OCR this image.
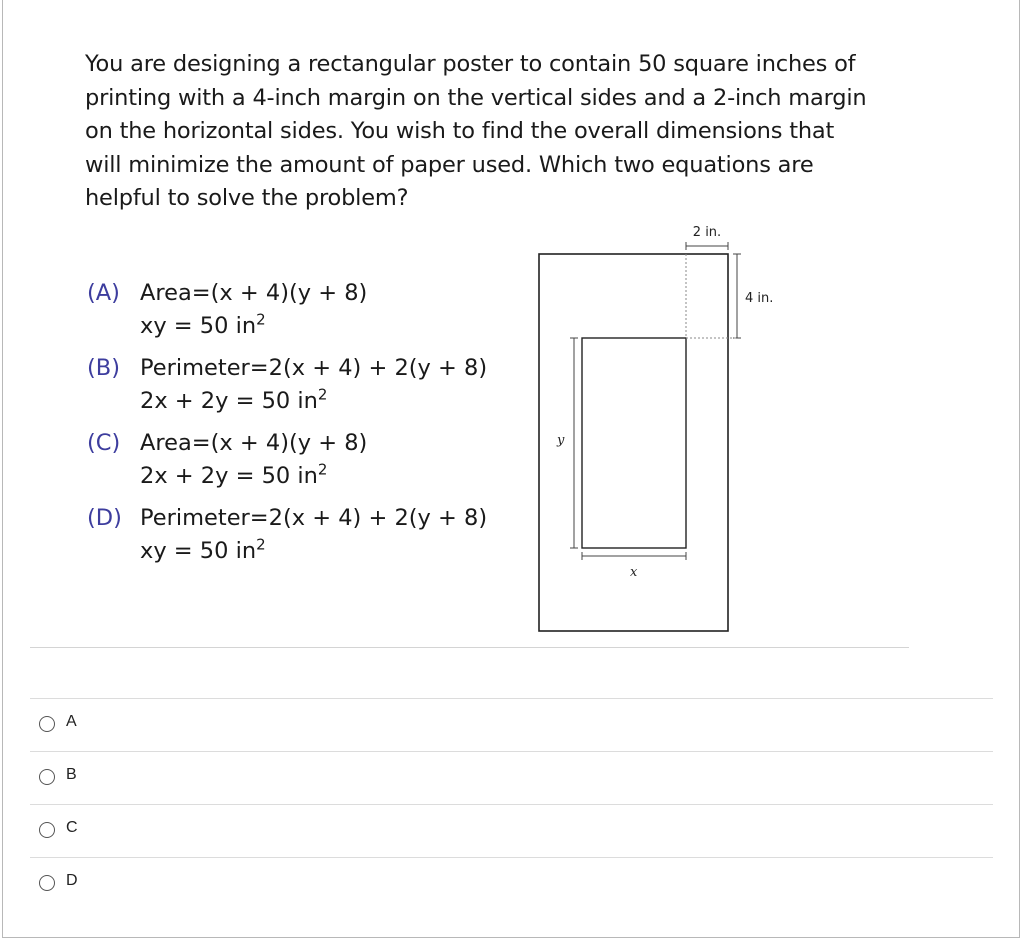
You are designing a rectangular poster to contain 50 square inches of printing with a 4-inch margin on the vertical sides and a 2-inch margin on the horizontal sides. You wish to find the overall dimensions that will minimize the amount of paper used. Which two equations are helpful to solve the problem?
(A) Area=(x + 4)(y + 8)
xy = 50 $in^2$
(B) Perimeter=2(x + 4) + 2(y + 8)
2x + 2y = 50 $in^2$
(C) Area=(x + 4)(y + 8)
2x + 2y = 50 $in^2$
(D) Perimeter=2(x + 4) + 2(y + 8)
xy = 50 $in^2$
2 in.
4 in.
y
x
A
B
C
D
